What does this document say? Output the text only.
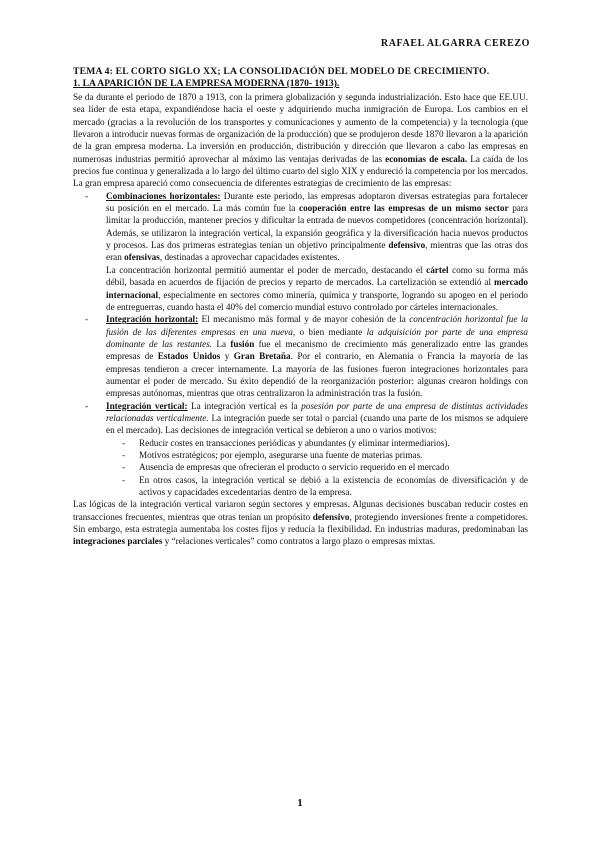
RAFAEL ALGARRA CEREZO

TEMA 4: EL CORTO SIGLO XX; LA CONSOLIDACIÓN DEL MODELO DE CRECIMIENTO.

1. LA APARICIÓN DE LA EMPRESA MODERNA (1870- 1913).

Se da durante el periodo de 1870 a 1913, con la primera globalización y segunda industrialización. Esto hace que EE.UU. sea líder de esta etapa, expandiéndose hacia el oeste y adquiriendo mucha inmigración de Europa. Los cambios en el mercado (gracias a la revolución de los transportes y comunicaciones y aumento de la competencia) y la tecnología (que llevaron a introducir nuevas formas de organización de la producción) que se produjeron desde 1870 llevaron a la aparición de la gran empresa moderna. La inversión en producción, distribución y dirección que llevaron a cabo las empresas en numerosas industrias permitió aprovechar al máximo las ventajas derivadas de las economías de escala. La caída de los precios fue continua y generalizada a lo largo del último cuarto del siglo XIX y endureció la competencia por los mercados. La gran empresa apareció como consecuencia de diferentes estrategias de crecimiento de las empresas:

- Combinaciones horizontales: Durante este periodo, las empresas adoptaron diversas estrategias para fortalecer su posición en el mercado. La más común fue la cooperación entre las empresas de un mismo sector para limitar la producción, mantener precios y dificultar la entrada de nuevos competidores (concentración horizontal). Además, se utilizaron la integración vertical, la expansión geográfica y la diversificación hacia nuevos productos y procesos. Las dos primeras estrategias tenían un objetivo principalmente defensivo, mientras que las otras dos eran ofensivas, destinadas a aprovechar capacidades existentes.

La concentración horizontal permitió aumentar el poder de mercado, destacando el cártel como su forma más débil, basada en acuerdos de fijación de precios y reparto de mercados. La cartelización se extendió al mercado internacional, especialmente en sectores como minería, química y transporte, logrando su apogeo en el periodo de entreguerras, cuando hasta el 40% del comercio mundial estuvo controlado por cárteles internacionales.

- Integración horizontal: El mecanismo más formal y de mayor cohesión de la concentración horizontal fue la fusión de las diferentes empresas en una nueva, o bien mediante la adquisición por parte de una empresa dominante de las restantes. La fusión fue el mecanismo de crecimiento más generalizado entre las grandes empresas de Estados Unidos y Gran Bretaña. Por el contrario, en Alemania o Francia la mayoría de las empresas tendieron a crecer internamente. La mayoría de las fusiones fueron integraciones horizontales para aumentar el poder de mercado. Su éxito dependió de la reorganización posterior: algunas crearon holdings con empresas autónomas, mientras que otras centralizaron la administración tras la fusión.

- Integración vertical: La integración vertical es la posesión por parte de una empresa de distintas actividades relacionadas verticalmente. La integración puede ser total o parcial (cuando una parte de los mismos se adquiere en el mercado). Las decisiones de integración vertical se debieron a uno o varios motivos:

- Reducir costes en transacciones periódicas y abundantes (y eliminar intermediarios).
- Motivos estratégicos; por ejemplo, asegurarse una fuente de materias primas.
- Ausencia de empresas que ofrecieran el producto o servicio requerido en el mercado
- En otros casos, la integración vertical se debió a la existencia de economías de diversificación y de activos y capacidades excedentarias dentro de la empresa.

Las lógicas de la integración vertical variaron según sectores y empresas. Algunas decisiones buscaban reducir costes en transacciones frecuentes, mientras que otras tenían un propósito defensivo, protegiendo inversiones frente a competidores. Sin embargo, esta estrategia aumentaba los costes fijos y reducía la flexibilidad. En industrias maduras, predominaban las integraciones parciales y “relaciones verticales” como contratos a largo plazo o empresas mixtas.

1
